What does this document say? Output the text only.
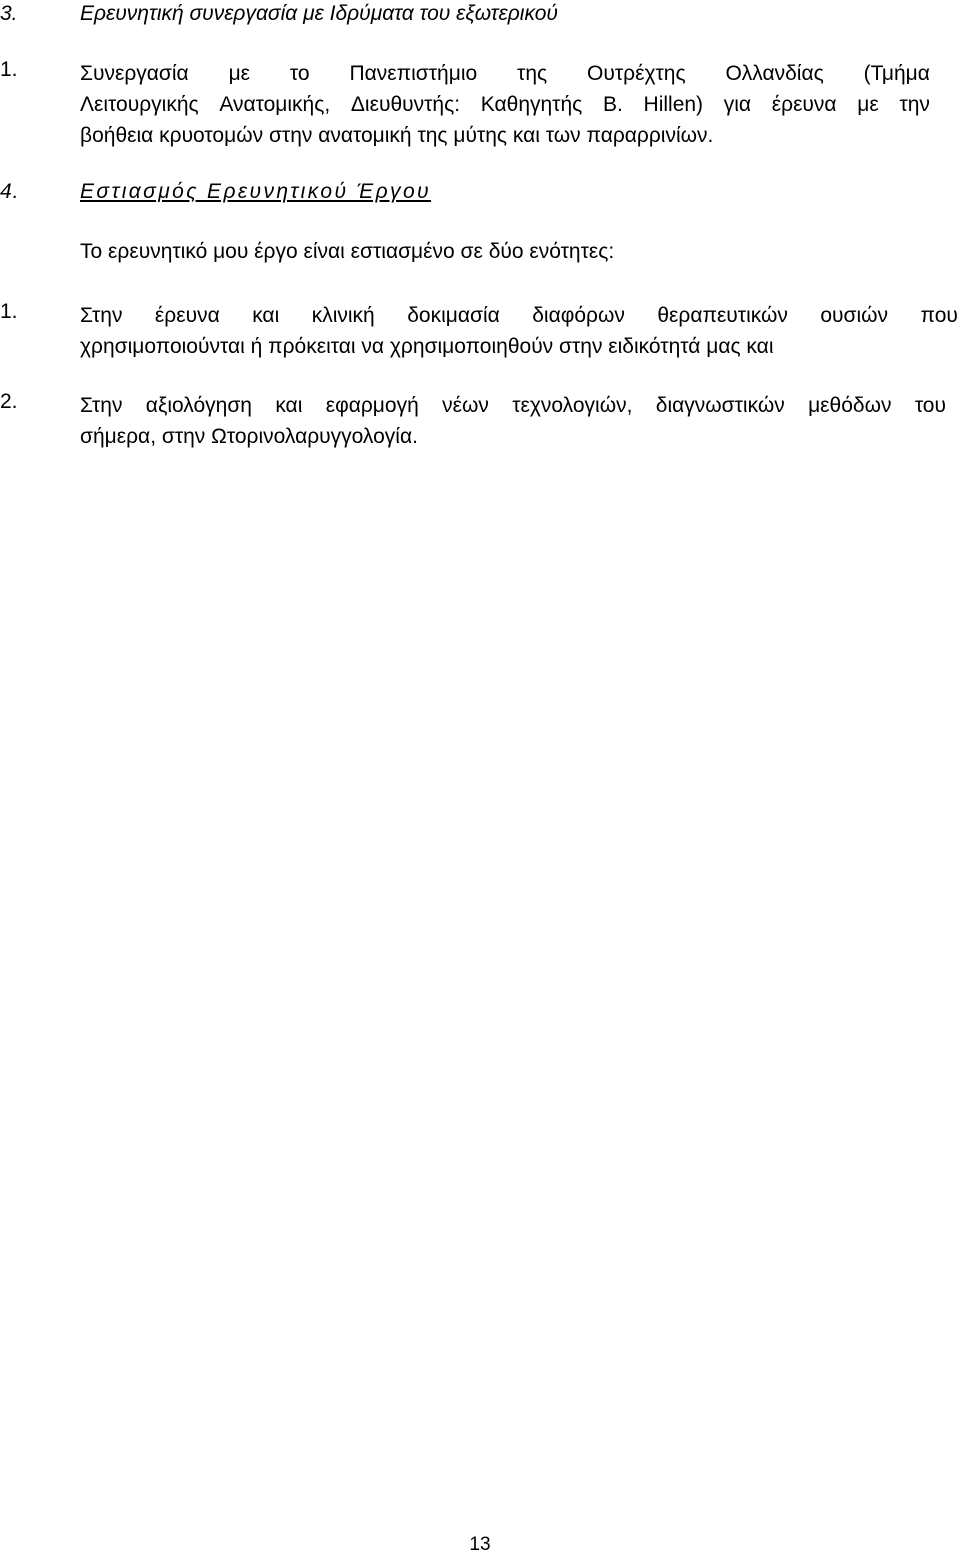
3.	Ερευνητική συνεργασία με Ιδρύματα του εξωτερικού
1.	Συνεργασία με το Πανεπιστήμιο της Ουτρέχτης Ολλανδίας (Τμήμα
Λειτουργικής Ανατομικής, Διευθυντής: Καθηγητής Β. Hillen) για έρευνα με την
βοήθεια κρυοτομών στην ανατομική της μύτης και των παραρρινίων.
4.	Εστιασμός Ερευνητικού Έργου
Το ερευνητικό μου έργο είναι εστιασμένο σε δύο ενότητες:
1.	Στην έρευνα και κλινική δοκιμασία διαφόρων θεραπευτικών ουσιών που
χρησιμοποιούνται ή πρόκειται να χρησιμοποιηθούν στην ειδικότητά μας και
2.	Στην αξιολόγηση και εφαρμογή νέων τεχνολογιών, διαγνωστικών μεθόδων του
σήμερα, στην Ωτορινολαρυγγολογία.
13
